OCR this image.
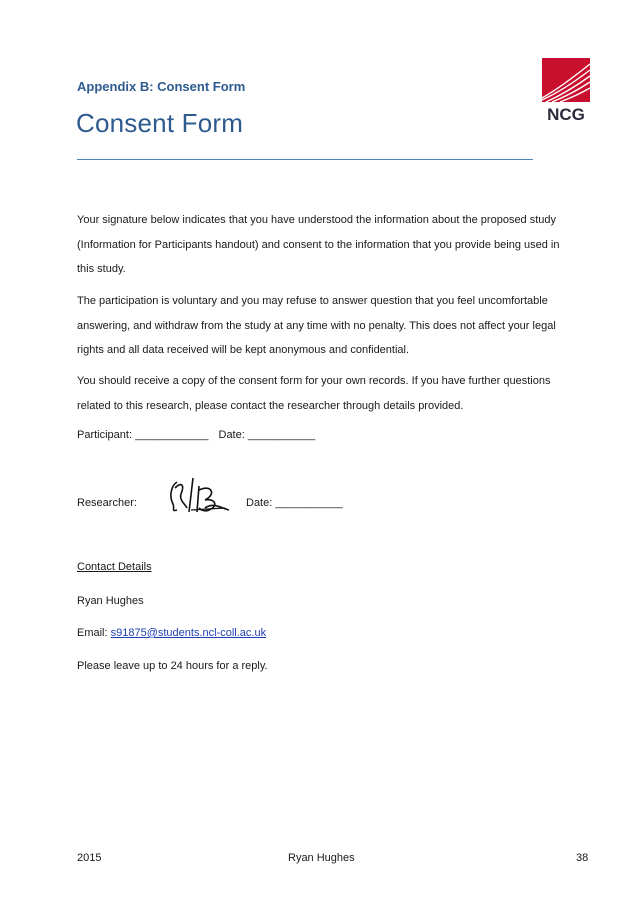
Appendix B: Consent Form
Consent Form	NCG
Your signature below indicates that you have understood the information about the proposed study (Information for Participants handout) and consent to the information that you provide being used in this study.
The participation is voluntary and you may refuse to answer question that you feel uncomfortable answering, and withdraw from the study at any time with no penalty. This does not affect your legal rights and all data received will be kept anonymous and confidential.
You should receive a copy of the consent form for your own records. If you have further questions related to this research, please contact the researcher through details provided.
Participant: ____________ Date: ___________
Researcher:	Date: ___________
Contact Details
Ryan Hughes
Email: s91875@students.ncl-coll.ac.uk
Please leave up to 24 hours for a reply.
2015	Ryan Hughes	38
